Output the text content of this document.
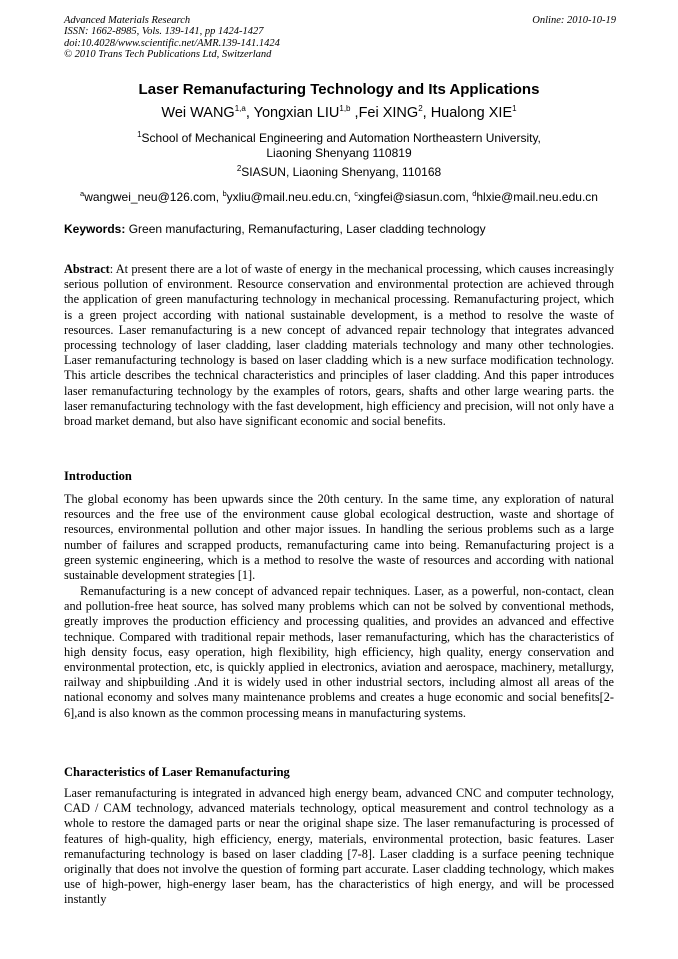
Advanced Materials Research
ISSN: 1662-8985, Vols. 139-141, pp 1424-1427
doi:10.4028/www.scientific.net/AMR.139-141.1424
© 2010 Trans Tech Publications Ltd, Switzerland
Online: 2010-10-19
Laser Remanufacturing Technology and Its Applications
Wei WANG$^{1,a}$, Yongxian LIU$^{1,b}$ ,Fei XING$^2$, Hualong XIE$^1$
$^1$School of Mechanical Engineering and Automation Northeastern University,
Liaoning Shenyang 110819
$^2$SIASUN, Liaoning Shenyang, 110168
$^a$wangwei_neu@126.com, $^b$yxliu@mail.neu.edu.cn, $^c$xingfei@siasun.com, $^d$hlxie@mail.neu.edu.cn
Keywords: Green manufacturing, Remanufacturing, Laser cladding technology
Abstract: At present there are a lot of waste of energy in the mechanical processing, which causes increasingly serious pollution of environment. Resource conservation and environmental protection are achieved through the application of green manufacturing technology in mechanical processing. Remanufacturing project, which is a green project according with national sustainable development, is a method to resolve the waste of resources. Laser remanufacturing is a new concept of advanced repair technology that integrates advanced processing technology of laser cladding, laser cladding materials technology and many other technologies. Laser remanufacturing technology is based on laser cladding which is a new surface modification technology. This article describes the technical characteristics and principles of laser cladding. And this paper introduces laser remanufacturing technology by the examples of rotors, gears, shafts and other large wearing parts. the laser remanufacturing technology with the fast development, high efficiency and precision, will not only have a broad market demand, but also have significant economic and social benefits.
Introduction
The global economy has been upwards since the 20th century. In the same time, any exploration of natural resources and the free use of the environment cause global ecological destruction, waste and shortage of resources, environmental pollution and other major issues. In handling the serious problems such as a large number of failures and scrapped products, remanufacturing came into being. Remanufacturing project is a green systemic engineering, which is a method to resolve the waste of resources and according with national sustainable development strategies [1].
Remanufacturing is a new concept of advanced repair techniques. Laser, as a powerful, non-contact, clean and pollution-free heat source, has solved many problems which can not be solved by conventional methods, greatly improves the production efficiency and processing qualities, and provides an advanced and effective technique. Compared with traditional repair methods, laser remanufacturing, which has the characteristics of high density focus, easy operation, high flexibility, high efficiency, high quality, energy conservation and environmental protection, etc, is quickly applied in electronics, aviation and aerospace, machinery, metallurgy, railway and shipbuilding .And it is widely used in other industrial sectors, including almost all areas of the national economy and solves many maintenance problems and creates a huge economic and social benefits[2-6],and is also known as the common processing means in manufacturing systems.
Characteristics of Laser Remanufacturing
Laser remanufacturing is integrated in advanced high energy beam, advanced CNC and computer technology, CAD / CAM technology, advanced materials technology, optical measurement and control technology as a whole to restore the damaged parts or near the original shape size. The laser remanufacturing is processed of features of high-quality, high efficiency, energy, materials, environmental protection, basic features. Laser remanufacturing technology is based on laser cladding [7-8]. Laser cladding is a surface peening technique originally that does not involve the question of forming part accurate. Laser cladding technology, which makes use of high-power, high-energy laser beam, has the characteristics of high energy, and will be processed instantly
